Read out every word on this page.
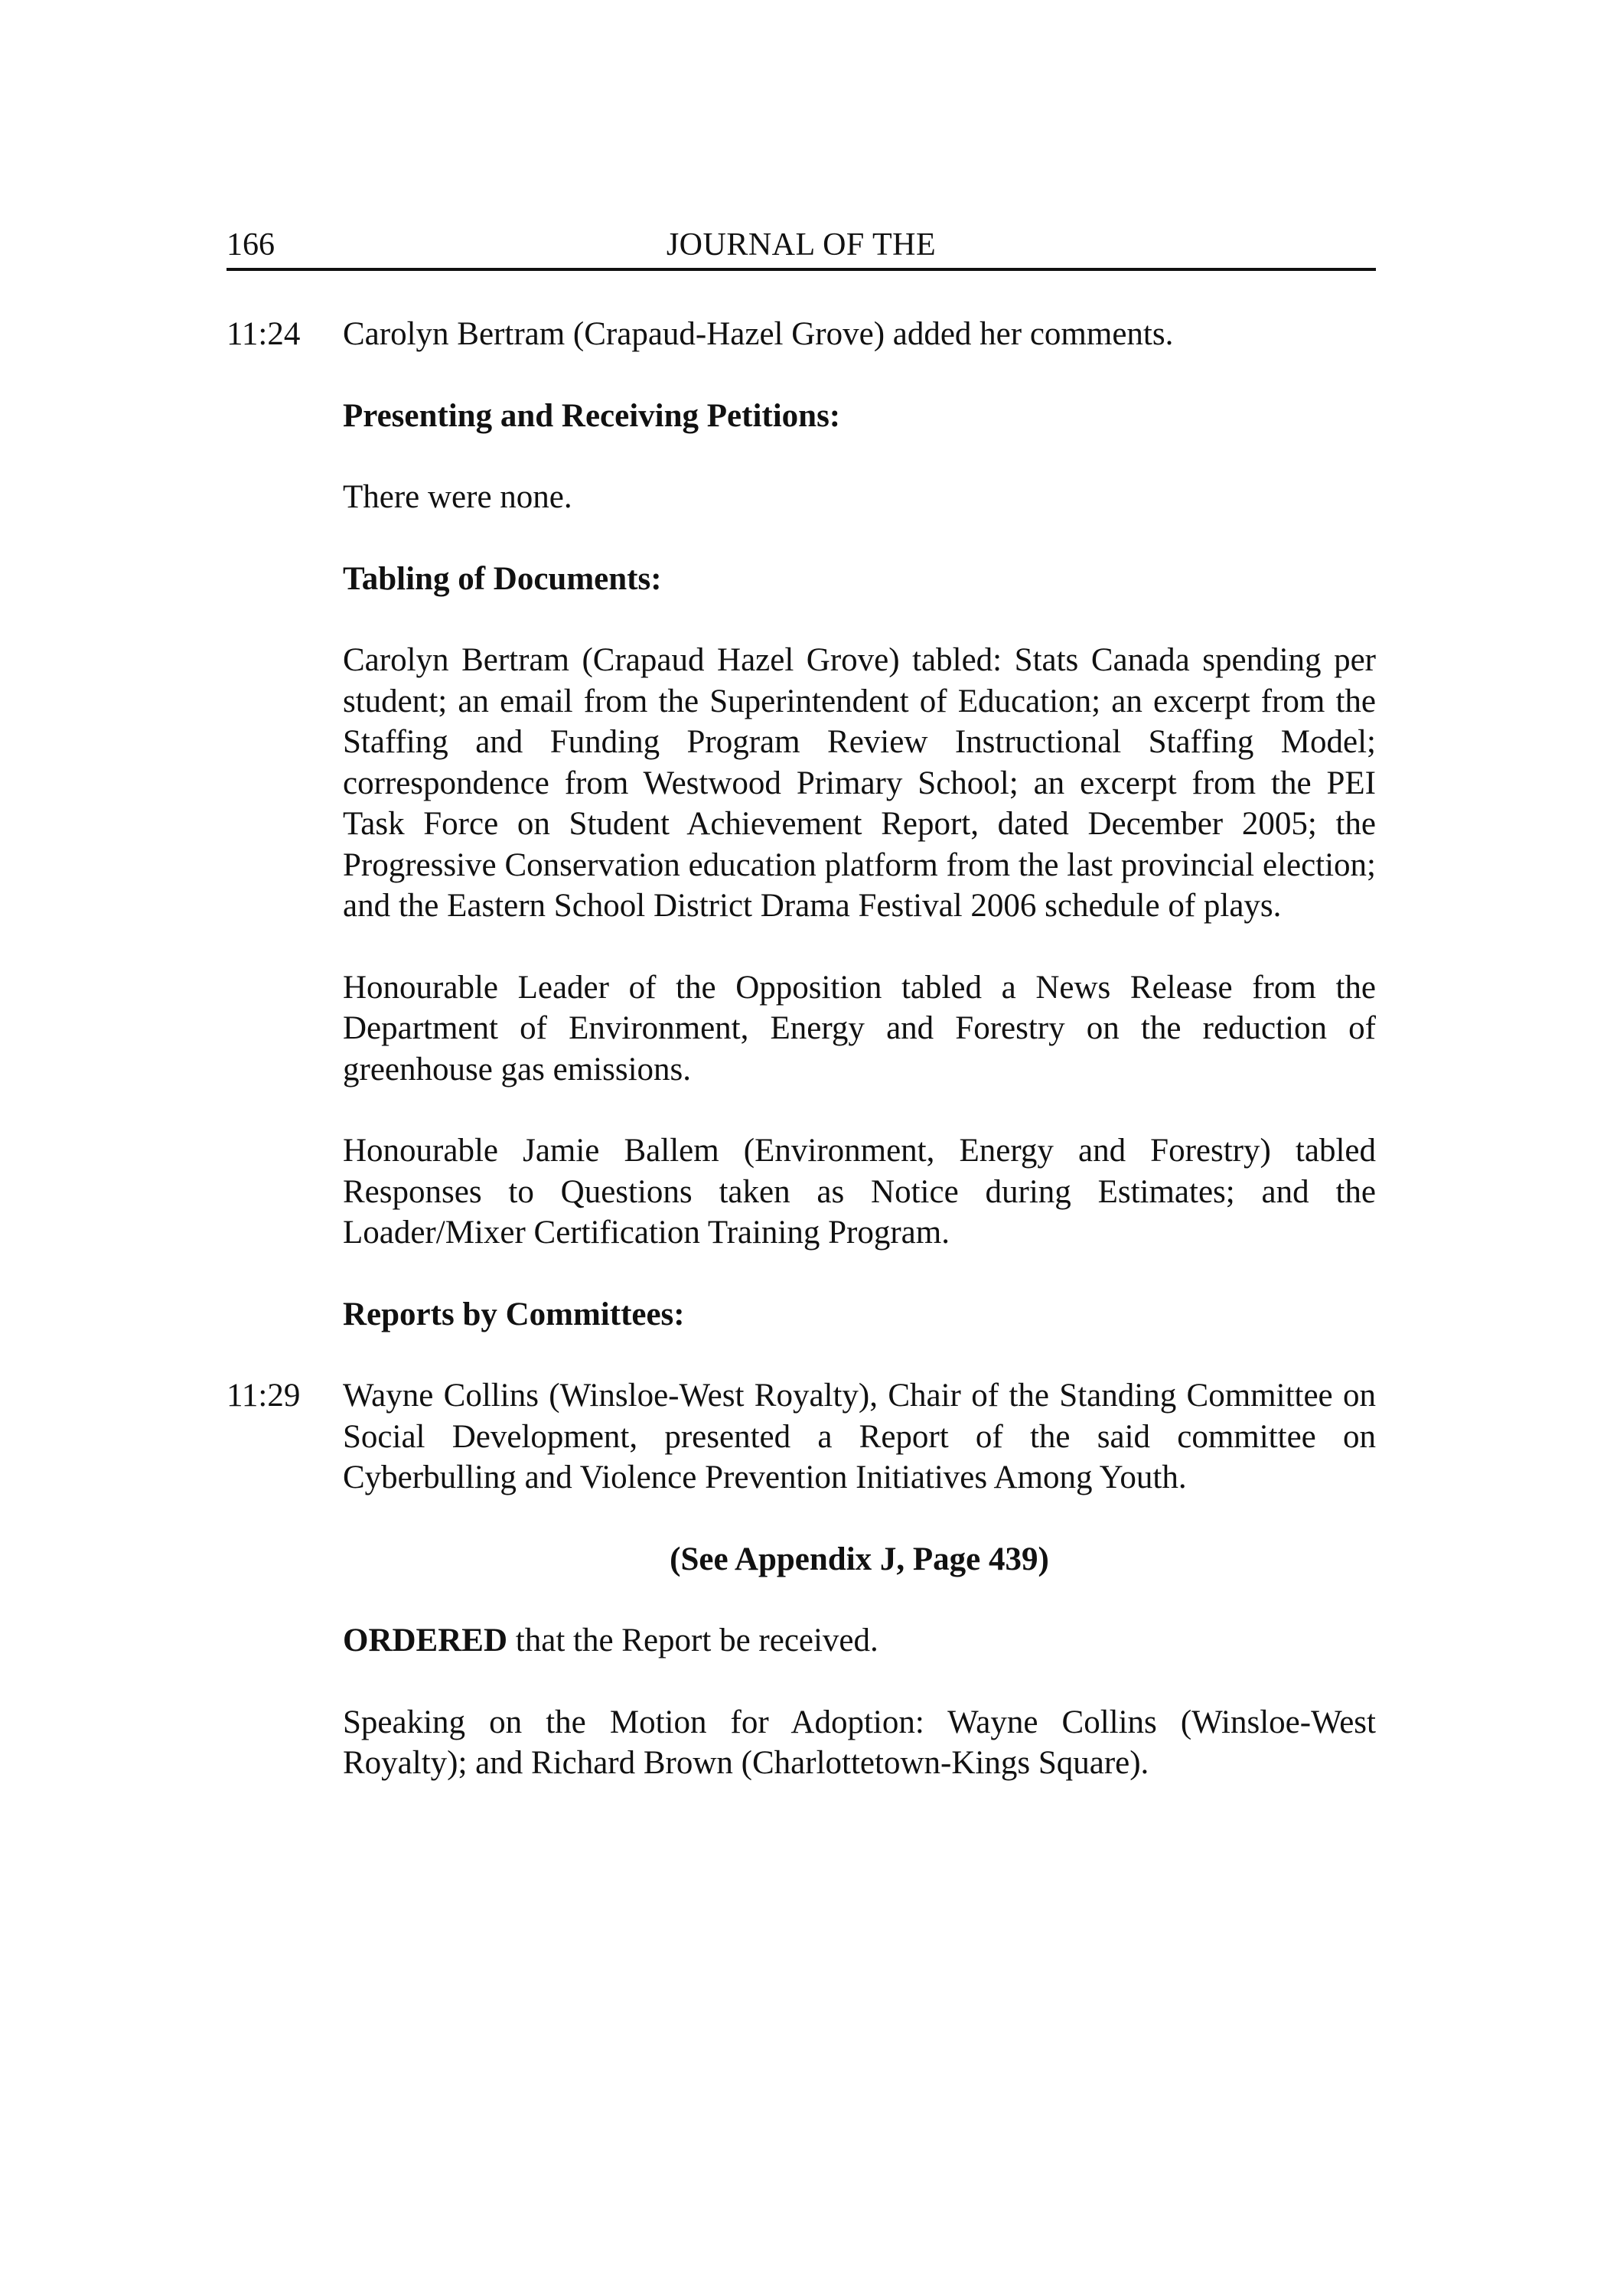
166	JOURNAL OF THE
11:24 Carolyn Bertram (Crapaud-Hazel Grove) added her comments.
Presenting and Receiving Petitions:
There were none.
Tabling of Documents:
Carolyn Bertram (Crapaud Hazel Grove) tabled: Stats Canada spending per student; an email from the Superintendent of Education; an excerpt from the Staffing and Funding Program Review Instructional Staffing Model; correspondence from Westwood Primary School; an excerpt from the PEI Task Force on Student Achievement Report, dated December 2005; the Progressive Conservation education platform from the last provincial election; and the Eastern School District Drama Festival 2006 schedule of plays.
Honourable Leader of the Opposition tabled a News Release from the Department of Environment, Energy and Forestry on the reduction of greenhouse gas emissions.
Honourable Jamie Ballem (Environment, Energy and Forestry) tabled Responses to Questions taken as Notice during Estimates; and the Loader/Mixer Certification Training Program.
Reports by Committees:
11:29 Wayne Collins (Winsloe-West Royalty), Chair of the Standing Committee on Social Development, presented a Report of the said committee on Cyberbulling and Violence Prevention Initiatives Among Youth.
(See Appendix J, Page 439)
ORDERED that the Report be received.
Speaking on the Motion for Adoption: Wayne Collins (Winsloe-West Royalty); and Richard Brown (Charlottetown-Kings Square).
